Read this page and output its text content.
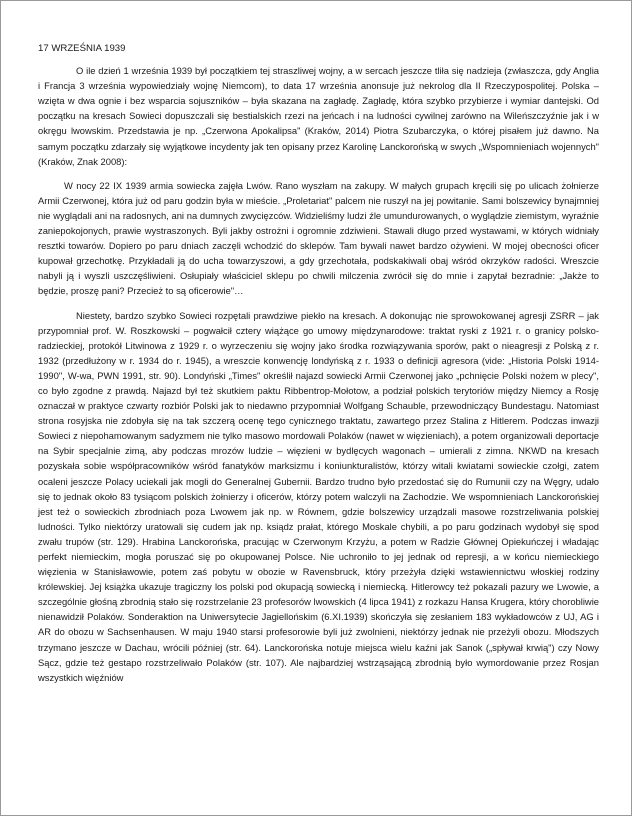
17 WRZEŚNIA 1939

O ile dzień 1 września 1939 był początkiem tej straszliwej wojny, a w sercach jeszcze tliła się nadzieja (zwłaszcza, gdy Anglia i Francja 3 września wypowiedziały wojnę Niemcom), to data 17 września anonsuje już nekrolog dla II Rzeczypospolitej. Polska – wzięta w dwa ognie i bez wsparcia sojuszników – była skazana na zagładę. Zagładę, która szybko przybierze i wymiar dantejski. Od początku na kresach Sowieci dopuszczali się bestialskich rzezi na jeńcach i na ludności cywilnej zarówno na Wileńszczyźnie jak i w okręgu lwowskim. Przedstawia je np. „Czerwona Apokalipsa" (Kraków, 2014) Piotra Szubarczyka, o której pisałem już dawno. Na samym początku zdarzały się wyjątkowe incydenty jak ten opisany przez Karolinę Lanckorońską w swych „Wspomnieniach wojennych" (Kraków, Znak 2008):

W nocy 22 IX 1939 armia sowiecka zajęła Lwów. Rano wyszłam na zakupy. W małych grupach kręcili się po ulicach żołnierze Armii Czerwonej, która już od paru godzin była w mieście. „Proletariat" palcem nie ruszył na jej powitanie. Sami bolszewicy bynajmniej nie wyglądali ani na radosnych, ani na dumnych zwycięzców. Widzieliśmy ludzi źle umundurowanych, o wyglądzie ziemistym, wyraźnie zaniepokojonych, prawie wystraszonych. Byli jakby ostrożni i ogromnie zdziwieni. Stawali długo przed wystawami, w których widniały resztki towarów. Dopiero po paru dniach zaczęli wchodzić do sklepów. Tam bywali nawet bardzo ożywieni. W mojej obecności oficer kupował grzechotkę. Przykładali ją do ucha towarzyszowi, a gdy grzechotała, podskakiwali obaj wśród okrzyków radości. Wreszcie nabyli ją i wyszli uszczęśliwieni. Osłupiały właściciel sklepu po chwili milczenia zwrócił się do mnie i zapytał bezradnie: „Jakże to będzie, proszę pani? Przecież to są oficerowie"…

Niestety, bardzo szybko Sowieci rozpętali prawdziwe piekło na kresach. A dokonując nie sprowokowanej agresji ZSRR – jak przypomniał prof. W. Roszkowski – pogwałcił cztery wiążące go umowy międzynarodowe: traktat ryski z 1921 r. o granicy polsko-radzieckiej, protokół Litwinowa z 1929 r. o wyrzeczeniu się wojny jako środka rozwiązywania sporów, pakt o nieagresji z Polską z r. 1932 (przedłużony w r. 1934 do r. 1945), a wreszcie konwencję londyńską z r. 1933 o definicji agresora (vide: „Historia Polski 1914-1990", W-wa, PWN 1991, str. 90). Londyński „Times" określił najazd sowiecki Armii Czerwonej jako „pchnięcie Polski nożem w plecy", co było zgodne z prawdą. Najazd był też skutkiem paktu Ribbentrop-Mołotow, a podział polskich terytoriów między Niemcy a Rosję oznaczał w praktyce czwarty rozbiór Polski jak to niedawno przypomniał Wolfgang Schauble, przewodniczący Bundestagu. Natomiast strona rosyjska nie zdobyła się na tak szczerą ocenę tego cynicznego traktatu, zawartego przez Stalina z Hitlerem. Podczas inwazji Sowieci z niepohamowanym sadyzmem nie tylko masowo mordowali Polaków (nawet w więzieniach), a potem organizowali deportacje na Sybir specjalnie zimą, aby podczas mrozów ludzie – więzieni w bydlęcych wagonach – umierali z zimna. NKWD na kresach pozyskała sobie współpracowników wśród fanatyków marksizmu i koniunkturalistów, którzy witali kwiatami sowieckie czołgi, zatem ocaleni jeszcze Polacy uciekali jak mogli do Generalnej Gubernii. Bardzo trudno było przedostać się do Rumunii czy na Węgry, udało się to jednak około 83 tysiącom polskich żołnierzy i oficerów, którzy potem walczyli na Zachodzie. We wspomnieniach Lanckorońskiej jest też o sowieckich zbrodniach poza Lwowem jak np. w Równem, gdzie bolszewicy urządzali masowe rozstrzeliwania polskiej ludności. Tylko niektórzy uratowali się cudem jak np. ksiądz prałat, którego Moskale chybili, a po paru godzinach wydobył się spod zwału trupów (str. 129). Hrabina Lanckorońska, pracując w Czerwonym Krzyżu, a potem w Radzie Głównej Opiekuńczej i władając perfekt niemieckim, mogła poruszać się po okupowanej Polsce. Nie uchroniło to jej jednak od represji, a w końcu niemieckiego więzienia w Stanisławowie, potem zaś pobytu w obozie w Ravensbruck, który przeżyła dzięki wstawiennictwu włoskiej rodziny królewskiej. Jej książka ukazuje tragiczny los polski pod okupacją sowiecką i niemiecką. Hitlerowcy też pokazali pazury we Lwowie, a szczególnie głośną zbrodnią stało się rozstrzelanie 23 profesorów lwowskich (4 lipca 1941) z rozkazu Hansa Krugera, który chorobliwie nienawidził Polaków. Sonderaktion na Uniwersytecie Jagiellońskim (6.XI.1939) skończyła się zesłaniem 183 wykładowców z UJ, AG i AR do obozu w Sachsenhausen. W maju 1940 starsi profesorowie byli już zwolnieni, niektórzy jednak nie przeżyli obozu. Młodszych trzymano jeszcze w Dachau, wrócili później (str. 64). Lanckorońska notuje miejsca wielu kaźni jak Sanok („spływał krwią") czy Nowy Sącz, gdzie też gestapo rozstrzeliwało Polaków (str. 107). Ale najbardziej wstrząsającą zbrodnią było wymordowanie przez Rosjan wszystkich więźniów
